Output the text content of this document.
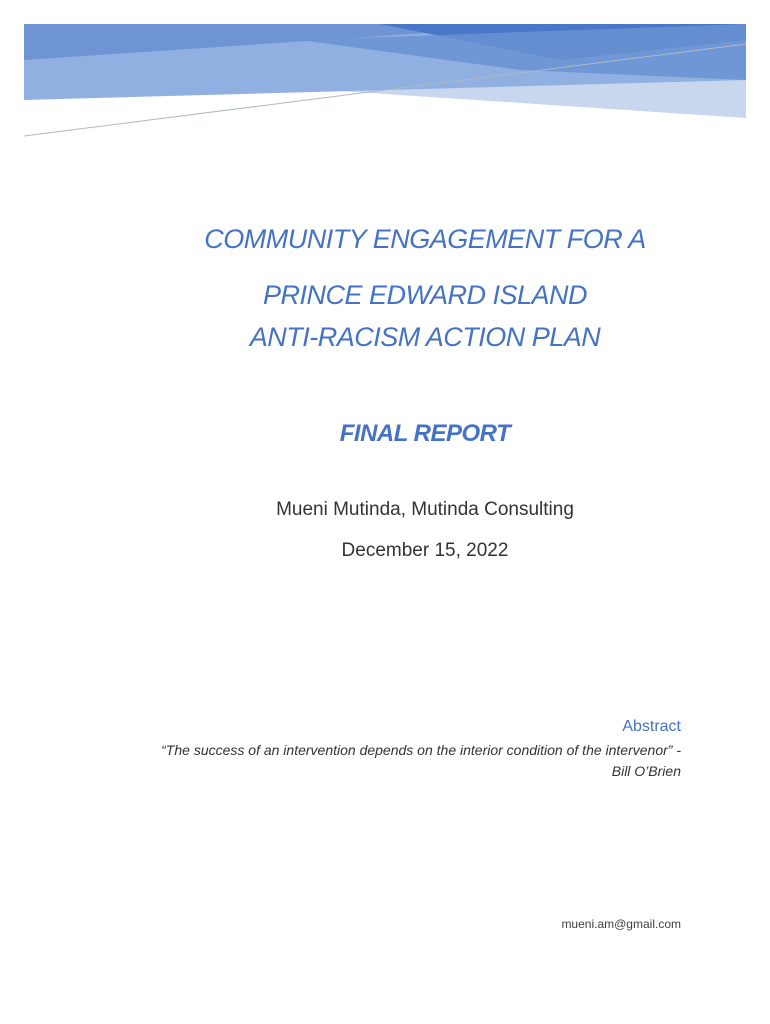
COMMUNITY ENGAGEMENT FOR A
PRINCE EDWARD ISLAND
ANTI-RACISM ACTION PLAN
FINAL REPORT
Mueni Mutinda, Mutinda Consulting
December 15, 2022
Abstract
“The success of an intervention depends on the interior condition of the intervenor” -Bill O’Brien
mueni.am@gmail.com
